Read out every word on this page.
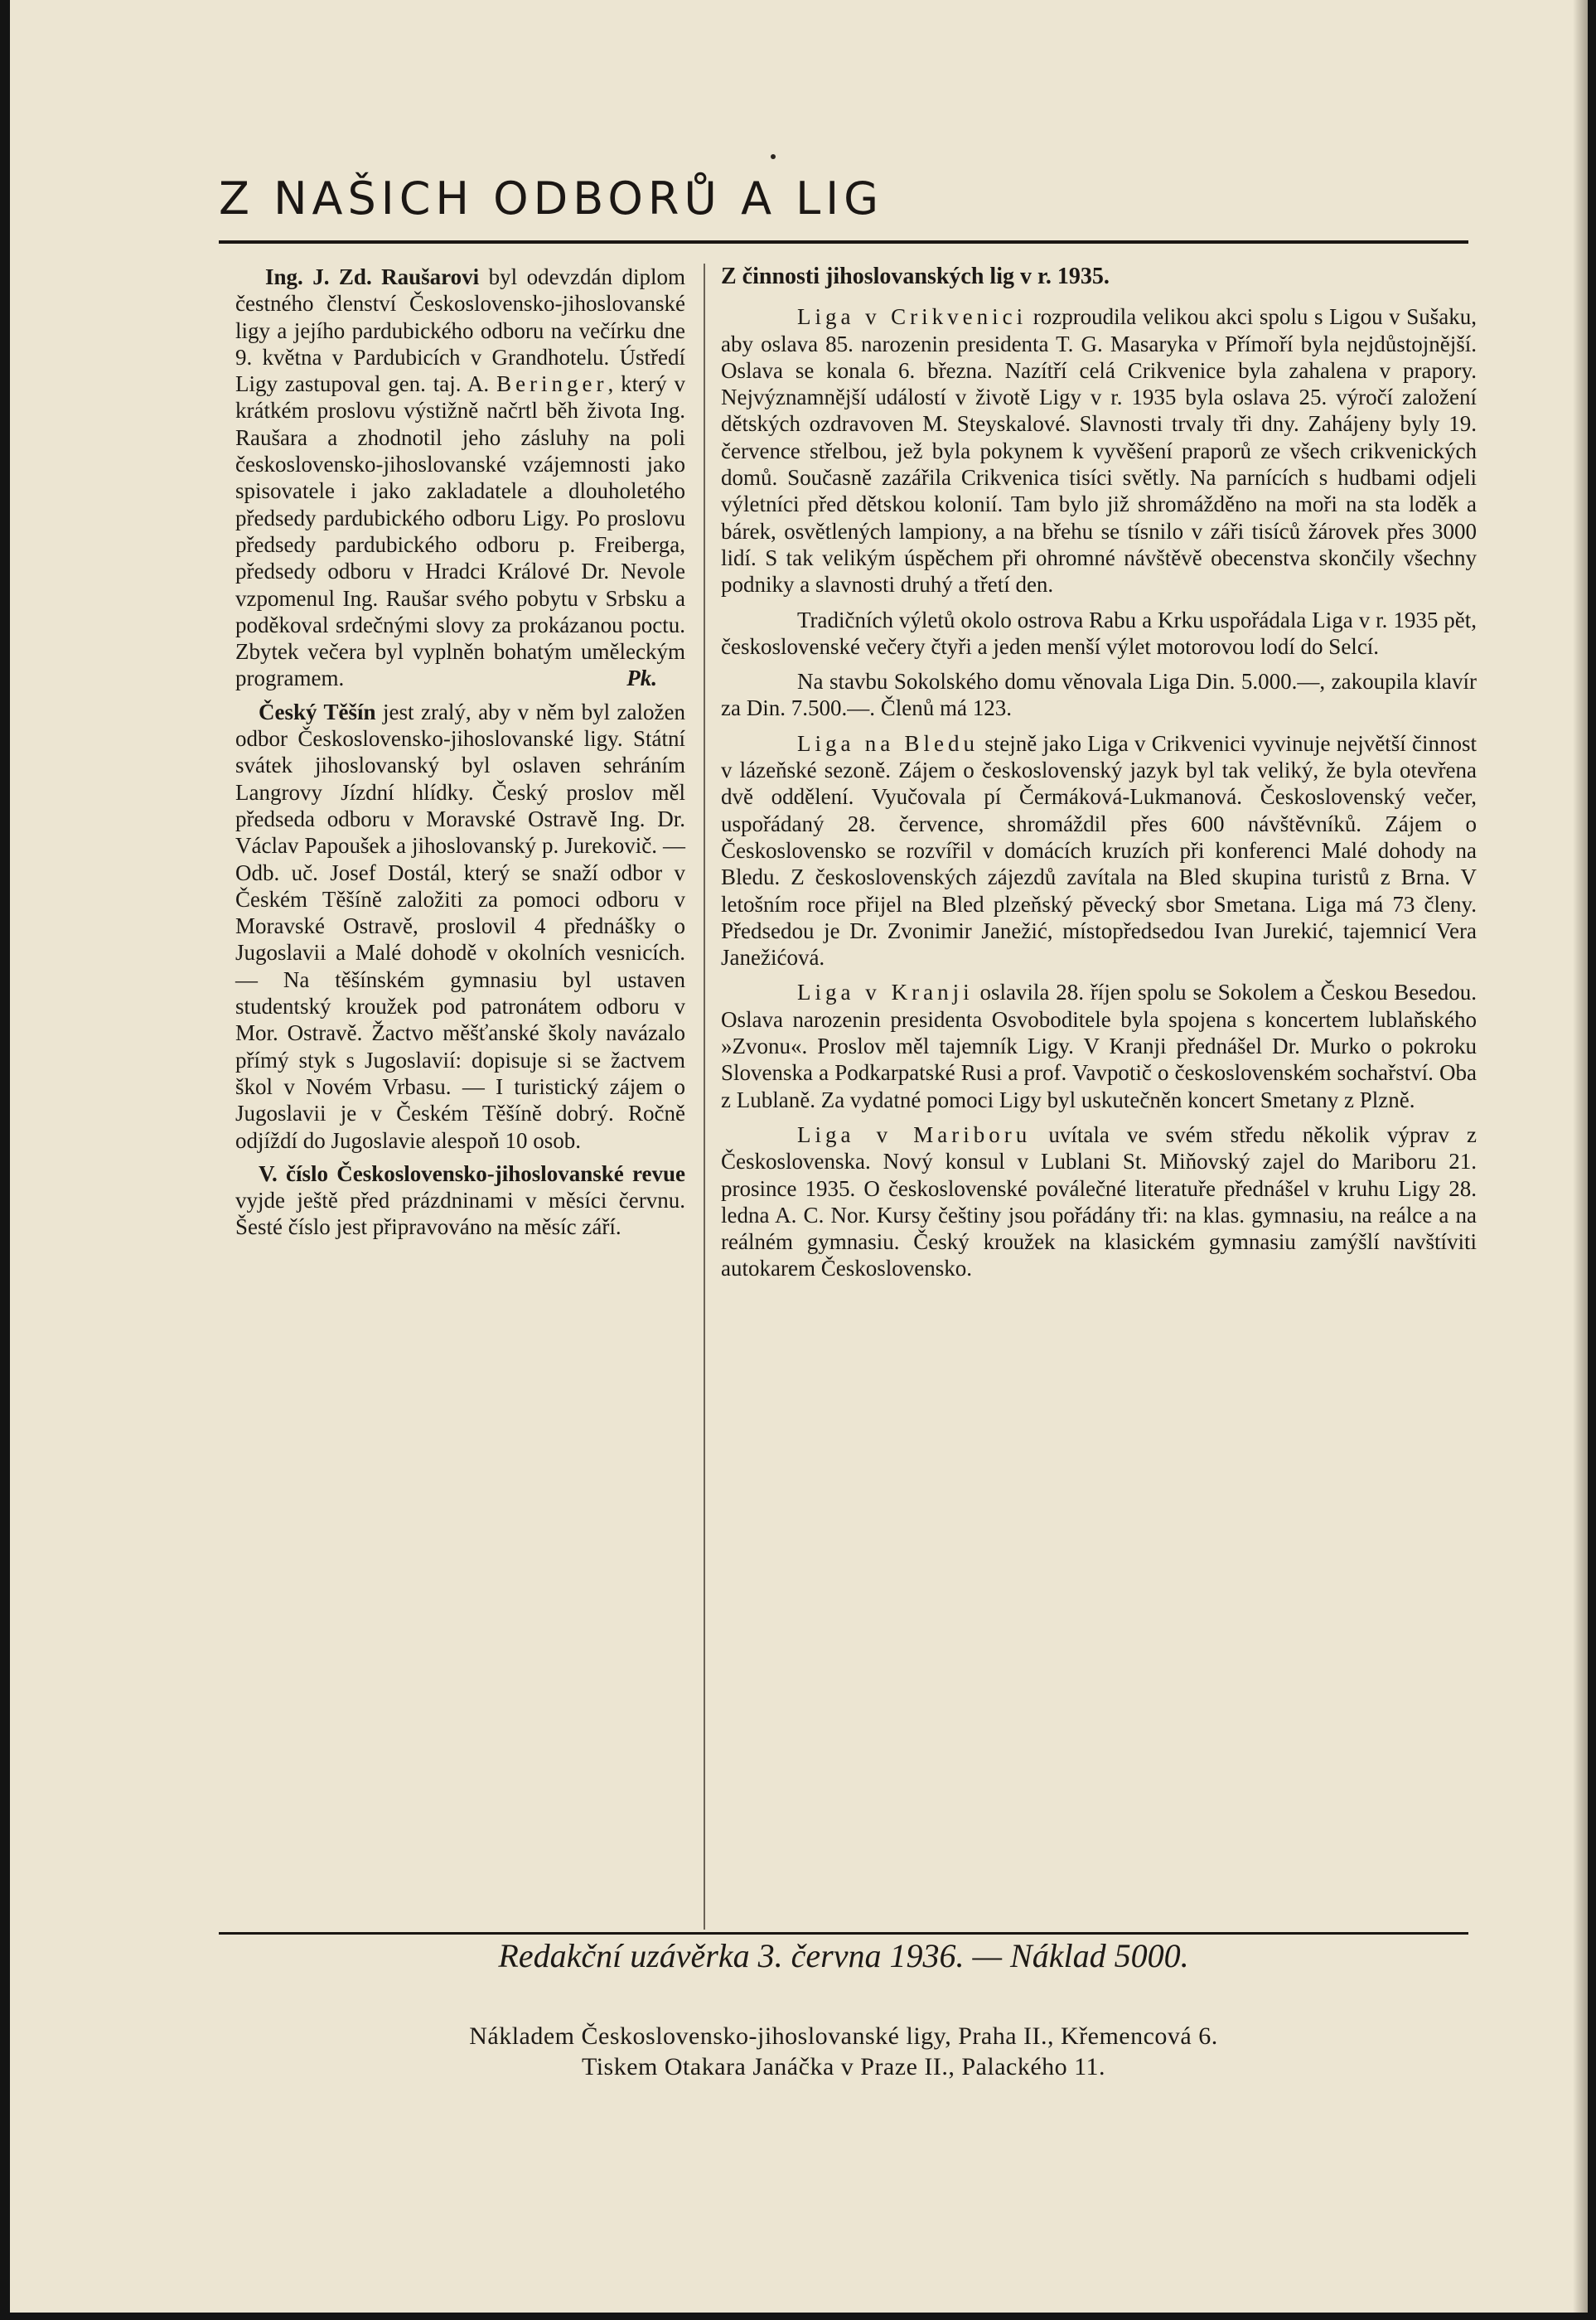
Z NAŠICH ODBORŮ A LIG

Ing. J. Zd. Raušarovi byl odevzdán diplom čestného členství Československo-jihoslovanské ligy a jejího pardubického odboru na večírku dne 9. května v Pardubicích v Grandhotelu. Ústředí Ligy zastupoval gen. taj. A. Beringer, který v krátkém proslovu výstižně načrtl běh života Ing. Raušara a zhodnotil jeho zásluhy na poli československo-jihoslovanské vzájemnosti jako spisovatele i jako zakladatele a dlouholetého předsedy pardubického odboru Ligy. Po proslovu předsedy pardubického odboru p. Freiberga, předsedy odboru v Hradci Králové Dr. Nevole vzpomenul Ing. Raušar svého pobytu v Srbsku a poděkoval srdečnými slovy za prokázanou poctu. Zbytek večera byl vyplněn bohatým uměleckým programem.	Pk.

Český Těšín jest zralý, aby v něm byl založen odbor Československo-jihoslovanské ligy. Státní svátek jihoslovanský byl oslaven sehráním Langrovy Jízdní hlídky. Český proslov měl předseda odboru v Moravské Ostravě Ing. Dr. Václav Papoušek a jihoslovanský p. Jurekovič. — Odb. uč. Josef Dostál, který se snaží odbor v Českém Těšíně založiti za pomoci odboru v Moravské Ostravě, proslovil 4 přednášky o Jugoslavii a Malé dohodě v okolních vesnicích. — Na těšínském gymnasiu byl ustaven studentský kroužek pod patronátem odboru v Mor. Ostravě. Žactvo měšťanské školy navázalo přímý styk s Jugoslavií: dopisuje si se žactvem škol v Novém Vrbasu. — I turistický zájem o Jugoslavii je v Českém Těšíně dobrý. Ročně odjíždí do Jugoslavie alespoň 10 osob.

V. číslo Československo-jihoslovanské revue vyjde ještě před prázdninami v měsíci červnu. Šesté číslo jest připravováno na měsíc září.

Z činnosti jihoslovanských lig v r. 1935.

Liga v Crikvenici rozproudila velikou akci spolu s Ligou v Sušaku, aby oslava 85. narozenin presidenta T. G. Masaryka v Přímoří byla nejdůstojnější. Oslava se konala 6. března. Nazítří celá Crikvenice byla zahalena v prapory. Nejvýznamnější událostí v životě Ligy v r. 1935 byla oslava 25. výročí založení dětských ozdravoven M. Steyskalové. Slavnosti trvaly tři dny. Zahájeny byly 19. července střelbou, jež byla pokynem k vyvěšení praporů ze všech crikvenických domů. Současně zazářila Crikvenica tisíci světly. Na parnících s hudbami odjeli výletníci před dětskou kolonií. Tam bylo již shromážděno na moři na sta loděk a bárek, osvětlených lampiony, a na břehu se tísnilo v záři tisíců žárovek přes 3000 lidí. S tak velikým úspěchem při ohromné návštěvě obecenstva skončily všechny podniky a slavnosti druhý a třetí den.

Tradičních výletů okolo ostrova Rabu a Krku uspořádala Liga v r. 1935 pět, československé večery čtyři a jeden menší výlet motorovou lodí do Selcí.

Na stavbu Sokolského domu věnovala Liga Din. 5.000.—, zakoupila klavír za Din. 7.500.—. Členů má 123.

Liga na Bledu stejně jako Liga v Crikvenici vyvinuje největší činnost v lázeňské sezoně. Zájem o československý jazyk byl tak veliký, že byla otevřena dvě oddělení. Vyučovala pí Čermáková-Lukmanová. Československý večer, uspořádaný 28. července, shromáždil přes 600 návštěvníků. Zájem o Československo se rozvířil v domácích kruzích při konferenci Malé dohody na Bledu. Z československých zájezdů zavítala na Bled skupina turistů z Brna. V letošním roce přijel na Bled plzeňský pěvecký sbor Smetana. Liga má 73 členy. Předsedou je Dr. Zvonimir Janežić, místopředsedou Ivan Jurekić, tajemnicí Vera Janežićová.

Liga v Kranji oslavila 28. říjen spolu se Sokolem a Českou Besedou. Oslava narozenin presidenta Osvoboditele byla spojena s koncertem lublaňského »Zvonu«. Proslov měl tajemník Ligy. V Kranji přednášel Dr. Murko o pokroku Slovenska a Podkarpatské Rusi a prof. Vavpotič o československém sochařství. Oba z Lublaně. Za vydatné pomoci Ligy byl uskutečněn koncert Smetany z Plzně.

Liga v Mariboru uvítala ve svém středu několik výprav z Československa. Nový konsul v Lublani St. Miňovský zajel do Mariboru 21. prosince 1935. O československé poválečné literatuře přednášel v kruhu Ligy 28. ledna A. C. Nor. Kursy češtiny jsou pořádány tři: na klas. gymnasiu, na reálce a na reálném gymnasiu. Český kroužek na klasickém gymnasiu zamýšlí navštíviti autokarem Československo.

Redakční uzávěrka 3. června 1936. — Náklad 5000.
Nákladem Československo-jihoslovanské ligy, Praha II., Křemencová 6.
Tiskem Otakara Janáčka v Praze II., Palackého 11.
